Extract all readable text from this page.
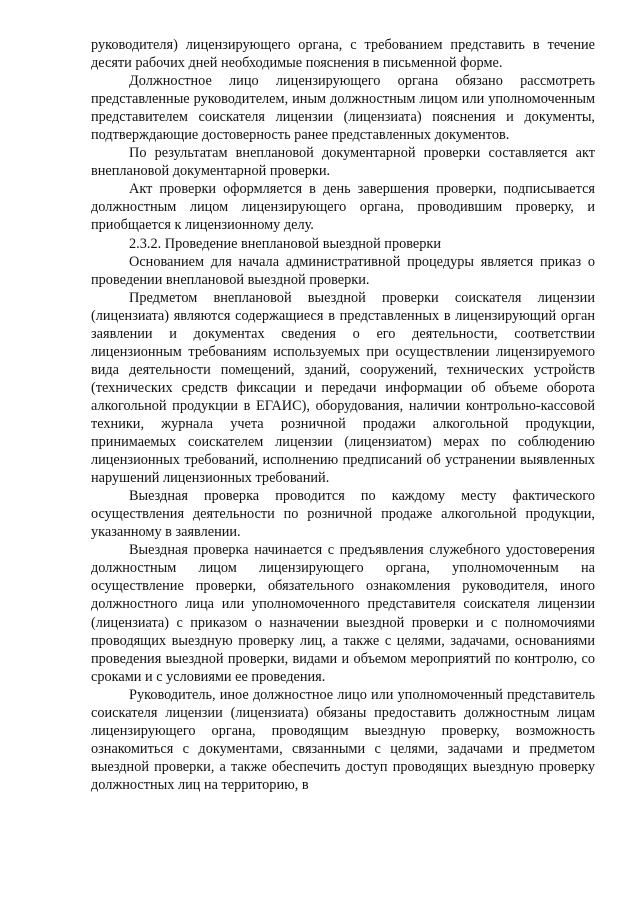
руководителя) лицензирующего органа, с требованием представить в течение десяти рабочих дней необходимые пояснения в письменной форме.

Должностное лицо лицензирующего органа обязано рассмотреть представленные руководителем, иным должностным лицом или уполномоченным представителем соискателя лицензии (лицензиата) пояснения и документы, подтверждающие достоверность ранее представленных документов.

По результатам внеплановой документарной проверки составляется акт внеплановой документарной проверки.

Акт проверки оформляется в день завершения проверки, подписывается должностным лицом лицензирующего органа, проводившим проверку, и приобщается к лицензионному делу.

2.3.2. Проведение внеплановой выездной проверки

Основанием для начала административной процедуры является приказ о проведении внеплановой выездной проверки.

Предметом внеплановой выездной проверки соискателя лицензии (лицензиата) являются содержащиеся в представленных в лицензирующий орган заявлении и документах сведения о его деятельности, соответствии лицензионным требованиям используемых при осуществлении лицензируемого вида деятельности помещений, зданий, сооружений, технических устройств (технических средств фиксации и передачи информации об объеме оборота алкогольной продукции в ЕГАИС), оборудования, наличии контрольно-кассовой техники, журнала учета розничной продажи алкогольной продукции, принимаемых соискателем лицензии (лицензиатом) мерах по соблюдению лицензионных требований, исполнению предписаний об устранении выявленных нарушений лицензионных требований.

Выездная проверка проводится по каждому месту фактического осуществления деятельности по розничной продаже алкогольной продукции, указанному в заявлении.

Выездная проверка начинается с предъявления служебного удостоверения должностным лицом лицензирующего органа, уполномоченным на осуществление проверки, обязательного ознакомления руководителя, иного должностного лица или уполномоченного представителя соискателя лицензии (лицензиата) с приказом о назначении выездной проверки и с полномочиями проводящих выездную проверку лиц, а также с целями, задачами, основаниями проведения выездной проверки, видами и объемом мероприятий по контролю, со сроками и с условиями ее проведения.

Руководитель, иное должностное лицо или уполномоченный представитель соискателя лицензии (лицензиата) обязаны предоставить должностным лицам лицензирующего органа, проводящим выездную проверку, возможность ознакомиться с документами, связанными с целями, задачами и предметом выездной проверки, а также обеспечить доступ проводящих выездную проверку должностных лиц на территорию, в
